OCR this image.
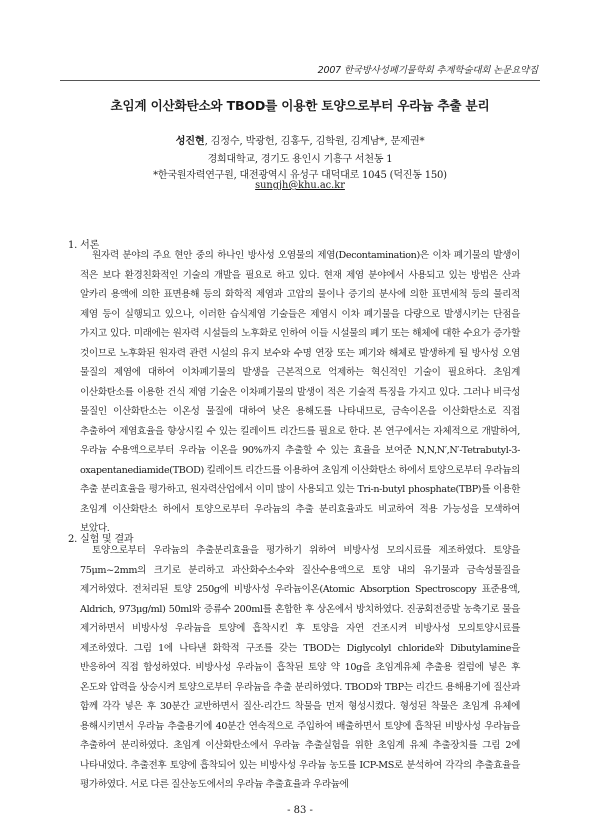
2007 한국방사성폐기물학회 추계학술대회 논문요약집
초임계 이산화탄소와 TBOD를 이용한 토양으로부터 우라늄 추출 분리
성진현, 김정수, 박광헌, 김홍두, 김학원, 김계남*, 문제권*
경희대학교, 경기도 용인시 기흥구 서천동 1
*한국원자력연구원, 대전광역시 유성구 대덕대로 1045 (덕진동 150)
sungjh@khu.ac.kr
1. 서론

원자력 분야의 주요 현안 중의 하나인 방사성 오염물의 제염(Decontamination)은 이차 폐기물의 발생이 적은 보다 환경친화적인 기술의 개발을 필요로 하고 있다. 현재 제염 분야에서 사용되고 있는 방법은 산과 알카리 용액에 의한 표면용해 등의 화학적 제염과 고압의 물이나 증기의 분사에 의한 표면세척 등의 물리적 제염 등이 실행되고 있으나, 이러한 습식제염 기술들은 제염시 이차 폐기물을 다량으로 발생시키는 단점을 가지고 있다. 미래에는 원자력 시설들의 노후화로 인하여 이들 시설물의 폐기 또는 해체에 대한 수요가 증가할 것이므로 노후화된 원자력 관련 시설의 유지 보수와 수명 연장 또는 폐기와 해체로 발생하게 될 방사성 오염 물질의 제염에 대하여 이차폐기물의 발생을 근본적으로 억제하는 혁신적인 기술이 필요하다. 초임계 이산화탄소를 이용한 건식 제염 기술은 이차폐기물의 발생이 적은 기술적 특징을 가지고 있다. 그러나 비극성 물질인 이산화탄소는 이온성 물질에 대하여 낮은 용해도를 나타내므로, 금속이온을 이산화탄소로 직접 추출하여 제염효율을 향상시킬 수 있는 킬레이트 리간드를 필요로 한다. 본 연구에서는 자체적으로 개발하여, 우라늄 수용액으로부터 우라늄 이온을 90%까지 추출할 수 있는 효율을 보여준 N,N,N′,N′-Tetrabutyl-3-oxapentanediamide(TBOD) 킬레이트 리간드를 이용하여 초임계 이산화탄소 하에서 토양으로부터 우라늄의 추출 분리효율을 평가하고, 원자력산업에서 이미 많이 사용되고 있는 Tri-n-butyl phosphate(TBP)를 이용한 초임계 이산화탄소 하에서 토양으로부터 우라늄의 추출 분리효율과도 비교하여 적용 가능성을 모색하여 보았다.

2. 실험 및 결과

토양으로부터 우라늄의 추출분리효율을 평가하기 위하여 비방사성 모의시료를 제조하였다. 토양을 75μm~2mm의 크기로 분리하고 과산화수소수와 질산수용액으로 토양 내의 유기물과 금속성물질을 제거하였다. 전처리된 토양 250g에 비방사성 우라늄이온(Atomic Absorption Spectroscopy 표준용액, Aldrich, 973μg/ml) 50ml와 증류수 200ml를 혼합한 후 상온에서 방치하였다. 진공회전증발 농축기로 물을 제거하면서 비방사성 우라늄을 토양에 흡착시킨 후 토양을 자연 건조시켜 비방사성 모의토양시료를 제조하였다. 그림 1에 나타낸 화학적 구조를 갖는 TBOD는 Diglycolyl chloride와 Dibutylamine을 반응하여 직접 합성하였다. 비방사성 우라늄이 흡착된 토양 약 10g을 초임계유체 추출용 컬럼에 넣은 후 온도와 압력을 상승시켜 토양으로부터 우라늄을 추출 분리하였다. TBOD와 TBP는 리간드 용해용기에 질산과 함께 각각 넣은 후 30분간 교반하면서 질산-리간드 착물을 먼저 형성시켰다. 형성된 착물은 초임계 유체에 용해시키면서 우라늄 추출용기에 40분간 연속적으로 주입하여 배출하면서 토양에 흡착된 비방사성 우라늄을 추출하여 분리하였다. 초임계 이산화탄소에서 우라늄 추출실험을 위한 초임계 유체 추출장치를 그림 2에 나타내었다. 추출전후 토양에 흡착되어 있는 비방사성 우라늄 농도를 ICP-MS로 분석하여 각각의 추출효율을 평가하였다. 서로 다른 질산농도에서의 우라늄 추출효율과 우라늄에

- 83 -
